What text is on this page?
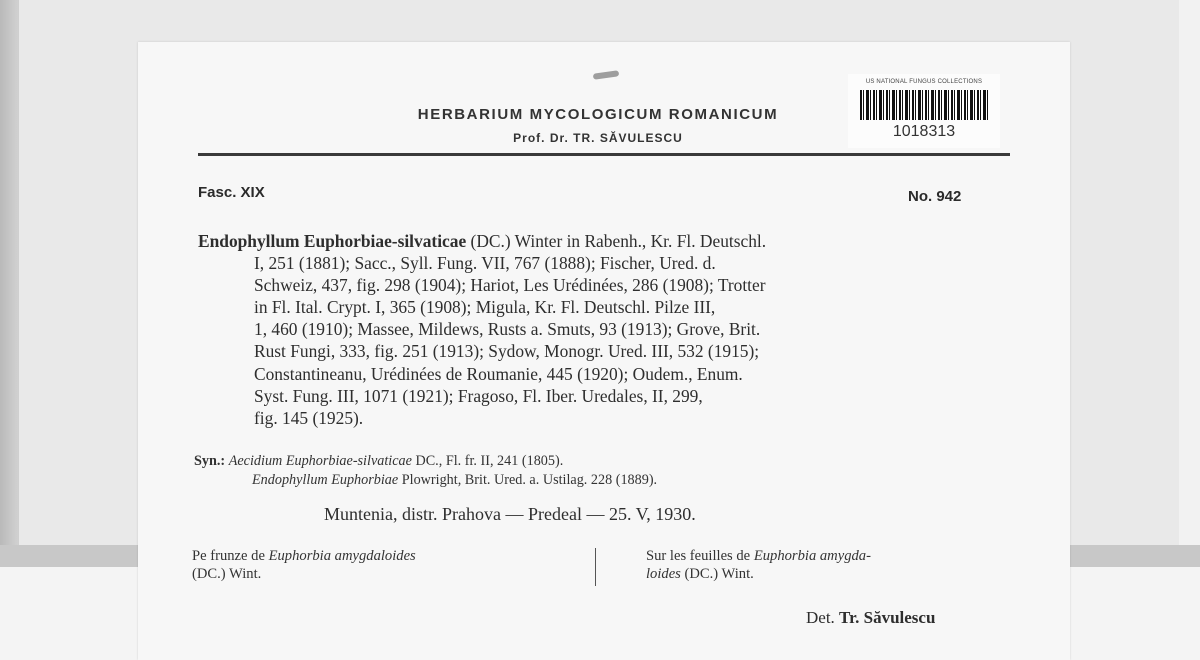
HERBARIUM MYCOLOGICUM ROMANICUM
Prof. Dr. TR. SĂVULESCU
US NATIONAL FUNGUS COLLECTIONS
1018313
Fasc. XIX	No. 942
Endophyllum Euphorbiae-silvaticae (DC.) Winter in Rabenh., Kr. Fl. Deutschl.
I, 251 (1881); Sacc., Syll. Fung. VII, 767 (1888); Fischer, Ured. d.
Schweiz, 437, fig. 298 (1904); Hariot, Les Urédinées, 286 (1908); Trotter
in Fl. Ital. Crypt. I, 365 (1908); Migula, Kr. Fl. Deutschl. Pilze III,
1, 460 (1910); Massee, Mildews, Rusts a. Smuts, 93 (1913); Grove, Brit.
Rust Fungi, 333, fig. 251 (1913); Sydow, Monogr. Ured. III, 532 (1915);
Constantineanu, Urédinées de Roumanie, 445 (1920); Oudem., Enum.
Syst. Fung. III, 1071 (1921); Fragoso, Fl. Iber. Uredales, II, 299,
fig. 145 (1925).
Syn.: Aecidium Euphorbiae-silvaticae DC., Fl. fr. II, 241 (1805).
Endophyllum Euphorbiae Plowright, Brit. Ured. a. Ustilag. 228 (1889).
Muntenia, distr. Prahova — Predeal — 25. V, 1930.
Pe frunze de Euphorbia amygdaloides
(DC.) Wint.
Sur les feuilles de Euphorbia amygda-
loides (DC.) Wint.
Det. Tr. Săvulescu
